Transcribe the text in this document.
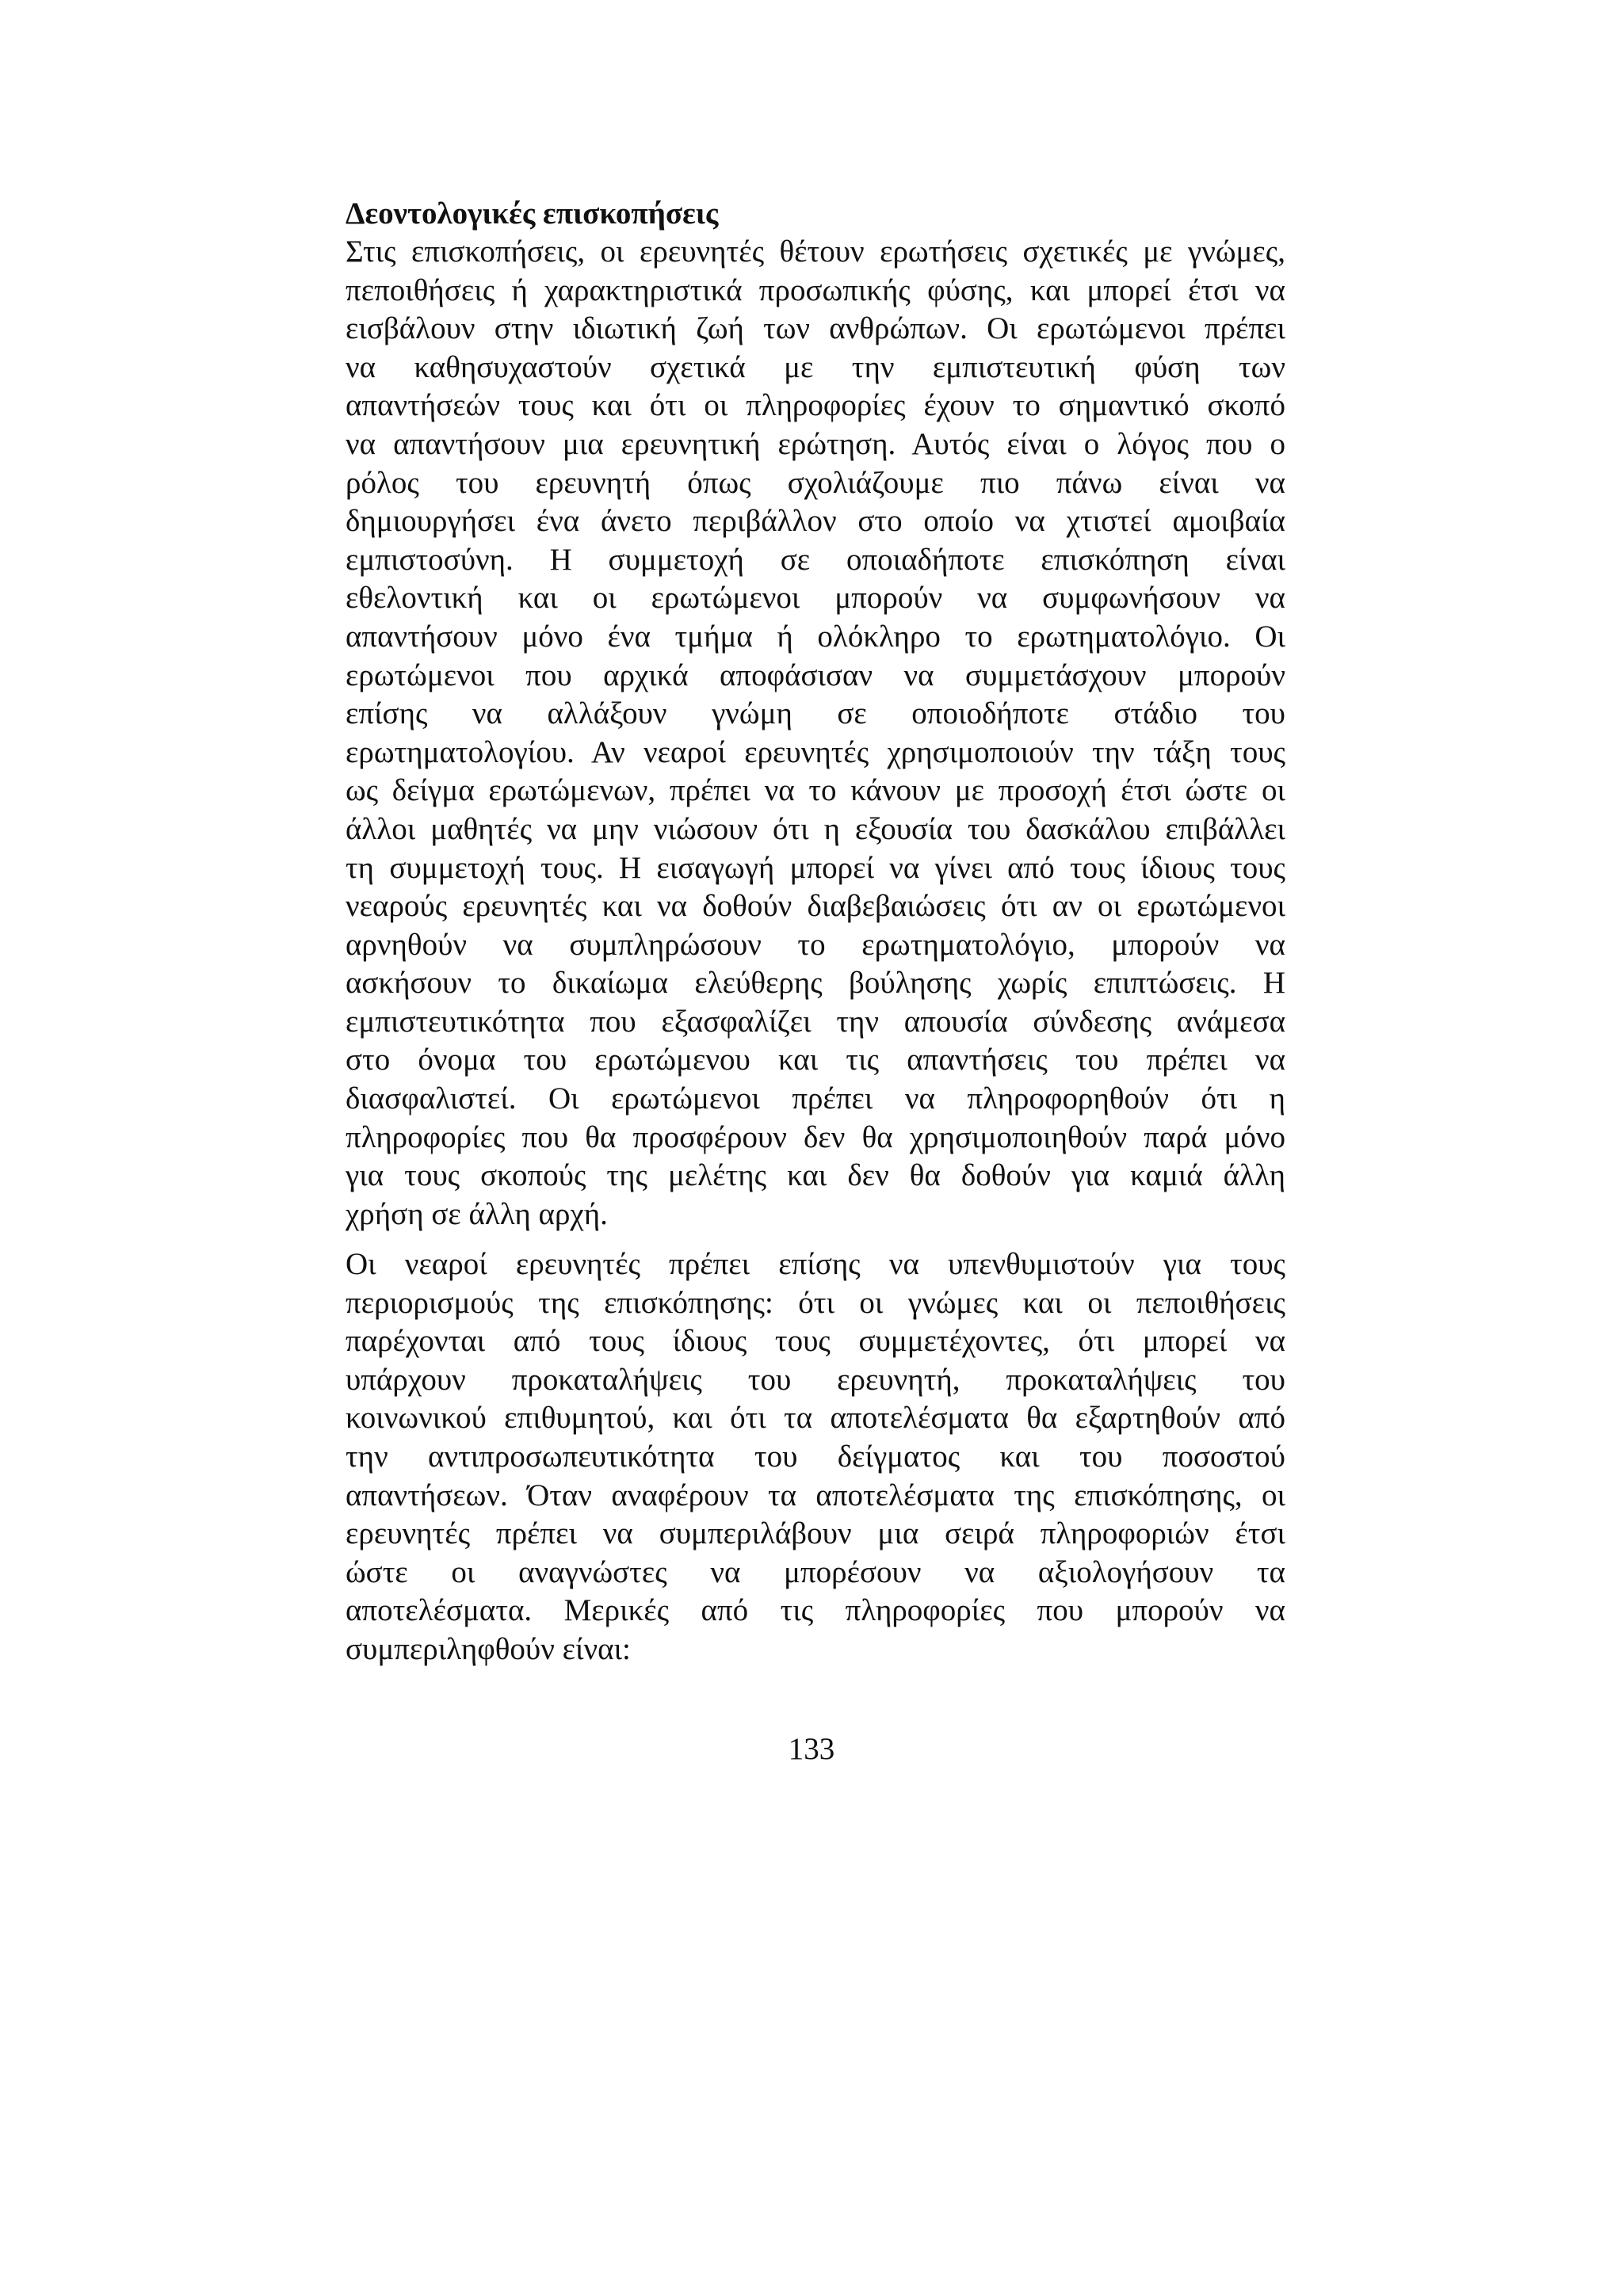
Δεοντολογικές επισκοπήσεις
Στις επισκοπήσεις, οι ερευνητές θέτουν ερωτήσεις σχετικές με γνώμες,
πεποιθήσεις ή χαρακτηριστικά προσωπικής φύσης, και μπορεί έτσι να
εισβάλουν στην ιδιωτική ζωή των ανθρώπων. Οι ερωτώμενοι πρέπει
να καθησυχαστούν σχετικά με την εμπιστευτική φύση των
απαντήσεών τους και ότι οι πληροφορίες έχουν το σημαντικό σκοπό
να απαντήσουν μια ερευνητική ερώτηση. Αυτός είναι ο λόγος που ο
ρόλος του ερευνητή όπως σχολιάζουμε πιο πάνω είναι να
δημιουργήσει ένα άνετο περιβάλλον στο οποίο να χτιστεί αμοιβαία
εμπιστοσύνη. Η συμμετοχή σε οποιαδήποτε επισκόπηση είναι
εθελοντική και οι ερωτώμενοι μπορούν να συμφωνήσουν να
απαντήσουν μόνο ένα τμήμα ή ολόκληρο το ερωτηματολόγιο. Οι
ερωτώμενοι που αρχικά αποφάσισαν να συμμετάσχουν μπορούν
επίσης να αλλάξουν γνώμη σε οποιοδήποτε στάδιο του
ερωτηματολογίου. Αν νεαροί ερευνητές χρησιμοποιούν την τάξη τους
ως δείγμα ερωτώμενων, πρέπει να το κάνουν με προσοχή έτσι ώστε οι
άλλοι μαθητές να μην νιώσουν ότι η εξουσία του δασκάλου επιβάλλει
τη συμμετοχή τους. Η εισαγωγή μπορεί να γίνει από τους ίδιους τους
νεαρούς ερευνητές και να δοθούν διαβεβαιώσεις ότι αν οι ερωτώμενοι
αρνηθούν να συμπληρώσουν το ερωτηματολόγιο, μπορούν να
ασκήσουν το δικαίωμα ελεύθερης βούλησης χωρίς επιπτώσεις. Η
εμπιστευτικότητα που εξασφαλίζει την απουσία σύνδεσης ανάμεσα
στο όνομα του ερωτώμενου και τις απαντήσεις του πρέπει να
διασφαλιστεί. Οι ερωτώμενοι πρέπει να πληροφορηθούν ότι η
πληροφορίες που θα προσφέρουν δεν θα χρησιμοποιηθούν παρά μόνο
για τους σκοπούς της μελέτης και δεν θα δοθούν για καμιά άλλη
χρήση σε άλλη αρχή.
Οι νεαροί ερευνητές πρέπει επίσης να υπενθυμιστούν για τους
περιορισμούς της επισκόπησης: ότι οι γνώμες και οι πεποιθήσεις
παρέχονται από τους ίδιους τους συμμετέχοντες, ότι μπορεί να
υπάρχουν προκαταλήψεις του ερευνητή, προκαταλήψεις του
κοινωνικού επιθυμητού, και ότι τα αποτελέσματα θα εξαρτηθούν από
την αντιπροσωπευτικότητα του δείγματος και του ποσοστού
απαντήσεων. Όταν αναφέρουν τα αποτελέσματα της επισκόπησης, οι
ερευνητές πρέπει να συμπεριλάβουν μια σειρά πληροφοριών έτσι
ώστε οι αναγνώστες να μπορέσουν να αξιολογήσουν τα
αποτελέσματα. Μερικές από τις πληροφορίες που μπορούν να
συμπεριληφθούν είναι:
133
